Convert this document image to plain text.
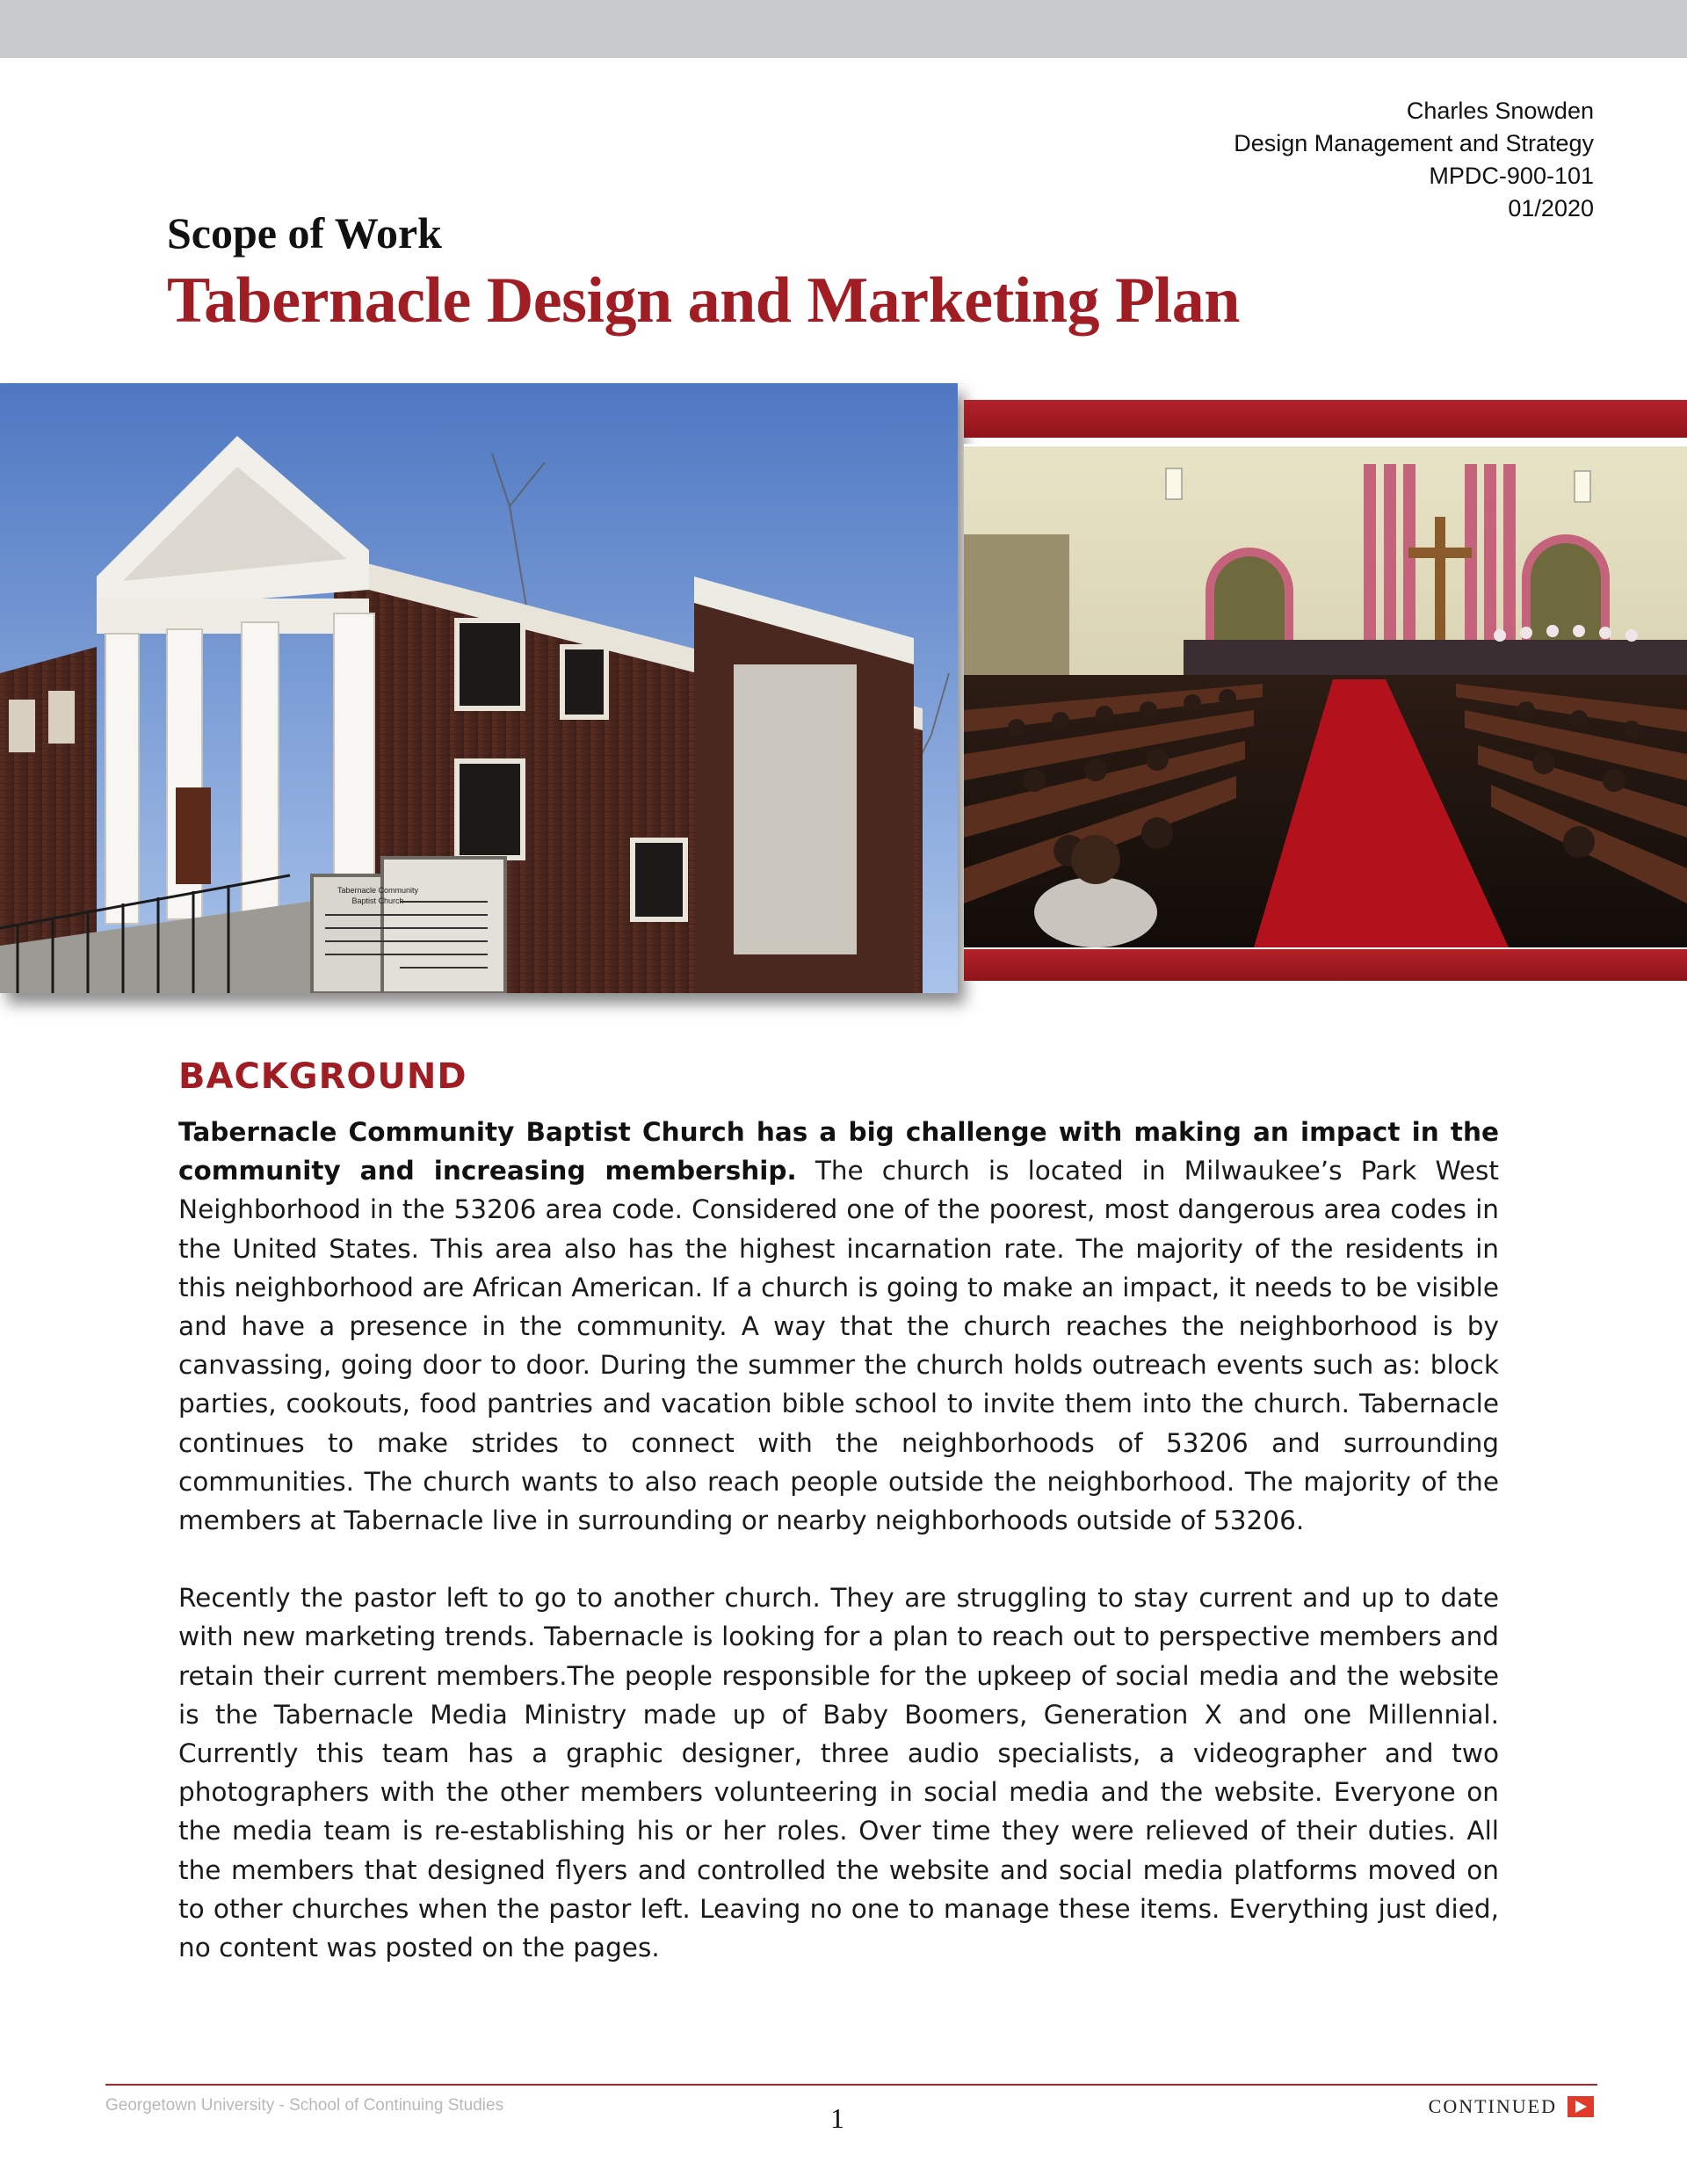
Charles Snowden
Design Management and Strategy
MPDC-900-101
01/2020
Scope of Work
Tabernacle Design and Marketing Plan
Tabernacle Community
Baptist Church
BACKGROUND

Tabernacle Community Baptist Church has a big challenge with making an impact in the community and increasing membership. The church is located in Milwaukee’s Park West Neighborhood in the 53206 area code. Considered one of the poorest, most dangerous area codes in the United States. This area also has the highest incarnation rate. The majority of the residents in this neighborhood are African American. If a church is going to make an impact, it needs to be visible and have a presence in the community. A way that the church reaches the neighborhood is by canvassing, going door to door. During the summer the church holds outreach events such as: block parties, cookouts, food pantries and vacation bible school to invite them into the church. Tabernacle continues to make strides to connect with the neighborhoods of 53206 and surrounding communities. The church wants to also reach people outside the neighborhood. The majority of the members at Tabernacle live in surrounding or nearby neighborhoods outside of 53206.

Recently the pastor left to go to another church. They are struggling to stay current and up to date with new marketing trends. Tabernacle is looking for a plan to reach out to perspective members and retain their current members.The people responsible for the upkeep of social media and the website is the Tabernacle Media Ministry made up of Baby Boomers, Generation X and one Millennial. Currently this team has a graphic designer, three audio specialists, a videographer and two photographers with the other members volunteering in social media and the website. Everyone on the media team is re-establishing his or her roles. Over time they were relieved of their duties. All the members that designed flyers and controlled the website and social media platforms moved on to other churches when the pastor left. Leaving no one to manage these items. Everything just died, no content was posted on the pages.

Georgetown University - School of Continuing Studies	1	CONTINUED
